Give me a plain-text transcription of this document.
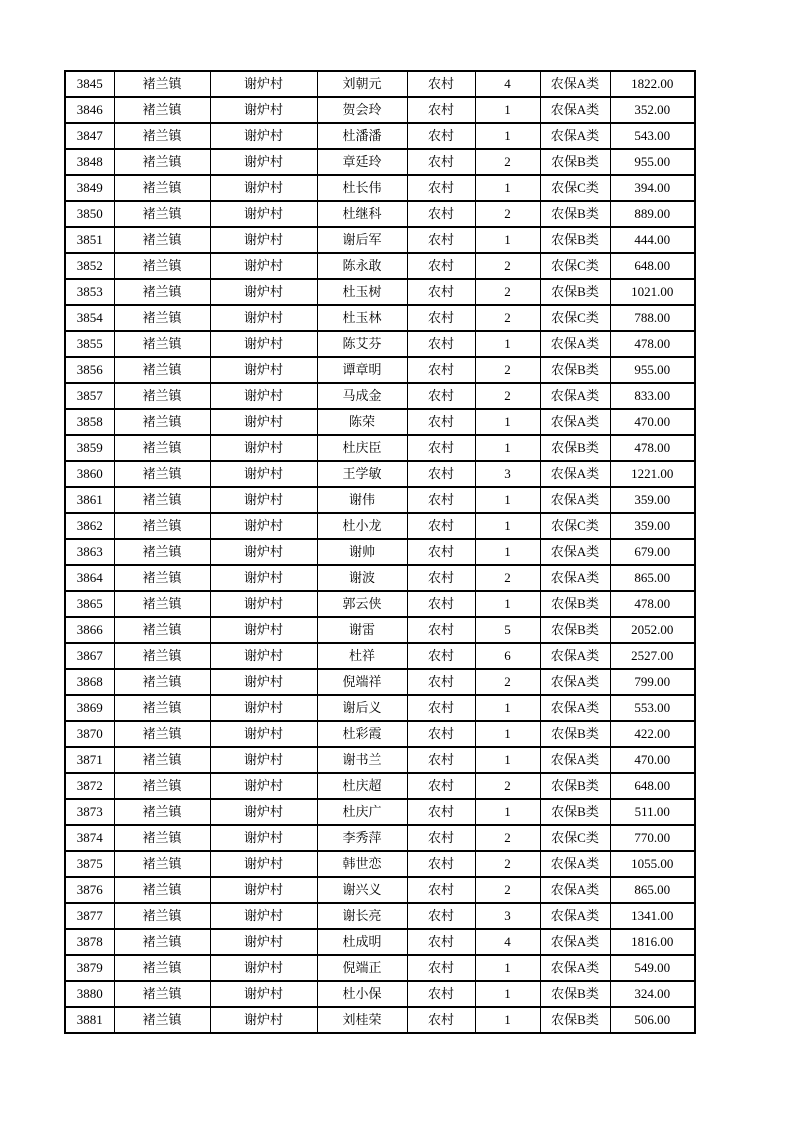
3845	褚兰镇	谢炉村	刘朝元	农村	4	农保A类	1822.00
3846	褚兰镇	谢炉村	贺会玲	农村	1	农保A类	352.00
3847	褚兰镇	谢炉村	杜潘潘	农村	1	农保A类	543.00
3848	褚兰镇	谢炉村	章廷玲	农村	2	农保B类	955.00
3849	褚兰镇	谢炉村	杜长伟	农村	1	农保C类	394.00
3850	褚兰镇	谢炉村	杜继科	农村	2	农保B类	889.00
3851	褚兰镇	谢炉村	谢后军	农村	1	农保B类	444.00
3852	褚兰镇	谢炉村	陈永敢	农村	2	农保C类	648.00
3853	褚兰镇	谢炉村	杜玉树	农村	2	农保B类	1021.00
3854	褚兰镇	谢炉村	杜玉林	农村	2	农保C类	788.00
3855	褚兰镇	谢炉村	陈艾芬	农村	1	农保A类	478.00
3856	褚兰镇	谢炉村	谭章明	农村	2	农保B类	955.00
3857	褚兰镇	谢炉村	马成金	农村	2	农保A类	833.00
3858	褚兰镇	谢炉村	陈荣	农村	1	农保A类	470.00
3859	褚兰镇	谢炉村	杜庆臣	农村	1	农保B类	478.00
3860	褚兰镇	谢炉村	王学敏	农村	3	农保A类	1221.00
3861	褚兰镇	谢炉村	谢伟	农村	1	农保A类	359.00
3862	褚兰镇	谢炉村	杜小龙	农村	1	农保C类	359.00
3863	褚兰镇	谢炉村	谢帅	农村	1	农保A类	679.00
3864	褚兰镇	谢炉村	谢波	农村	2	农保A类	865.00
3865	褚兰镇	谢炉村	郭云侠	农村	1	农保B类	478.00
3866	褚兰镇	谢炉村	谢雷	农村	5	农保B类	2052.00
3867	褚兰镇	谢炉村	杜祥	农村	6	农保A类	2527.00
3868	褚兰镇	谢炉村	倪端祥	农村	2	农保A类	799.00
3869	褚兰镇	谢炉村	谢后义	农村	1	农保A类	553.00
3870	褚兰镇	谢炉村	杜彩霞	农村	1	农保B类	422.00
3871	褚兰镇	谢炉村	谢书兰	农村	1	农保A类	470.00
3872	褚兰镇	谢炉村	杜庆超	农村	2	农保B类	648.00
3873	褚兰镇	谢炉村	杜庆广	农村	1	农保B类	511.00
3874	褚兰镇	谢炉村	李秀萍	农村	2	农保C类	770.00
3875	褚兰镇	谢炉村	韩世恋	农村	2	农保A类	1055.00
3876	褚兰镇	谢炉村	谢兴义	农村	2	农保A类	865.00
3877	褚兰镇	谢炉村	谢长亮	农村	3	农保A类	1341.00
3878	褚兰镇	谢炉村	杜成明	农村	4	农保A类	1816.00
3879	褚兰镇	谢炉村	倪端正	农村	1	农保A类	549.00
3880	褚兰镇	谢炉村	杜小保	农村	1	农保B类	324.00
3881	褚兰镇	谢炉村	刘桂荣	农村	1	农保B类	506.00
